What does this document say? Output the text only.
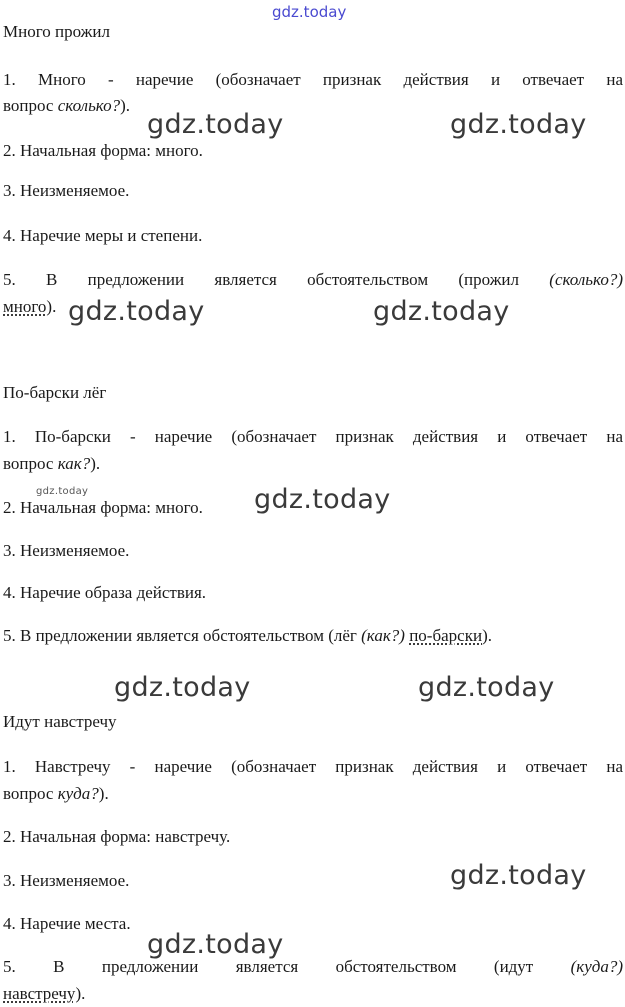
gdz.today
Много прожил
1. Много - наречие (обозначает признак действия и отвечает на
вопрос сколько?).
2. Начальная форма: много.
3. Неизменяемое.
4. Наречие меры и степени.
5. В предложении является обстоятельством (прожил (сколько?)
много).
По-барски лёг
1. По-барски - наречие (обозначает признак действия и отвечает на
вопрос как?).
2. Начальная форма: много.
3. Неизменяемое.
4. Наречие образа действия.
5. В предложении является обстоятельством (лёг (как?) по-барски).
Идут навстречу
1. Навстречу - наречие (обозначает признак действия и отвечает на
вопрос куда?).
2. Начальная форма: навстречу.
3. Неизменяемое.
4. Наречие места.
5. В предложении является обстоятельством (идут (куда?)
навстречу).
gdz.today	gdz.today
gdz.today	gdz.today
gdz.today	gdz.today
gdz.today	gdz.today
gdz.today
gdz.today
